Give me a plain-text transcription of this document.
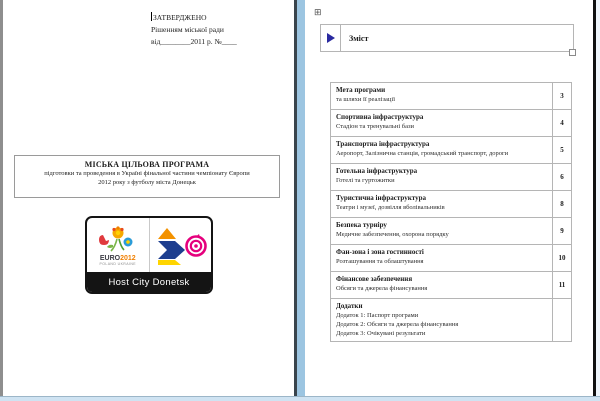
ЗАТВЕРДЖЕНО
Рішенням міської ради
від________2011 р. №____
МІСЬКА ЦІЛЬОВА ПРОГРАМА
підготовки та проведення в Україні фінальної частини чемпіонату Європи
2012 року з футболу міста Донецьк
EURO2012
POLAND UKRAINE
Host City Donetsk
⊞
Зміст
Мета програми
та шляхи її реалізації	3
Спортивна інфраструктура
Стадіон та тренувальні бази	4
Транспортна інфраструктура
Аеропорт, Залізнична станція, громадський транспорт, дороги	5
Готельна інфраструктура
Готелі та гуртожитки	6
Туристична інфраструктура
Театри і музеї, дозвілля вболівальників	8
Безпека турніру
Медичне забезпечення, охорона порядку	9
Фан-зона і зона гостинності
Розташування та облаштування	10
Фінансове забезпечення
Обсяги та джерела фінансування	11
Додатки
Додаток 1: Паспорт програми
Додаток 2: Обсяги та джерела фінансування
Додаток 3: Очікувані результати
